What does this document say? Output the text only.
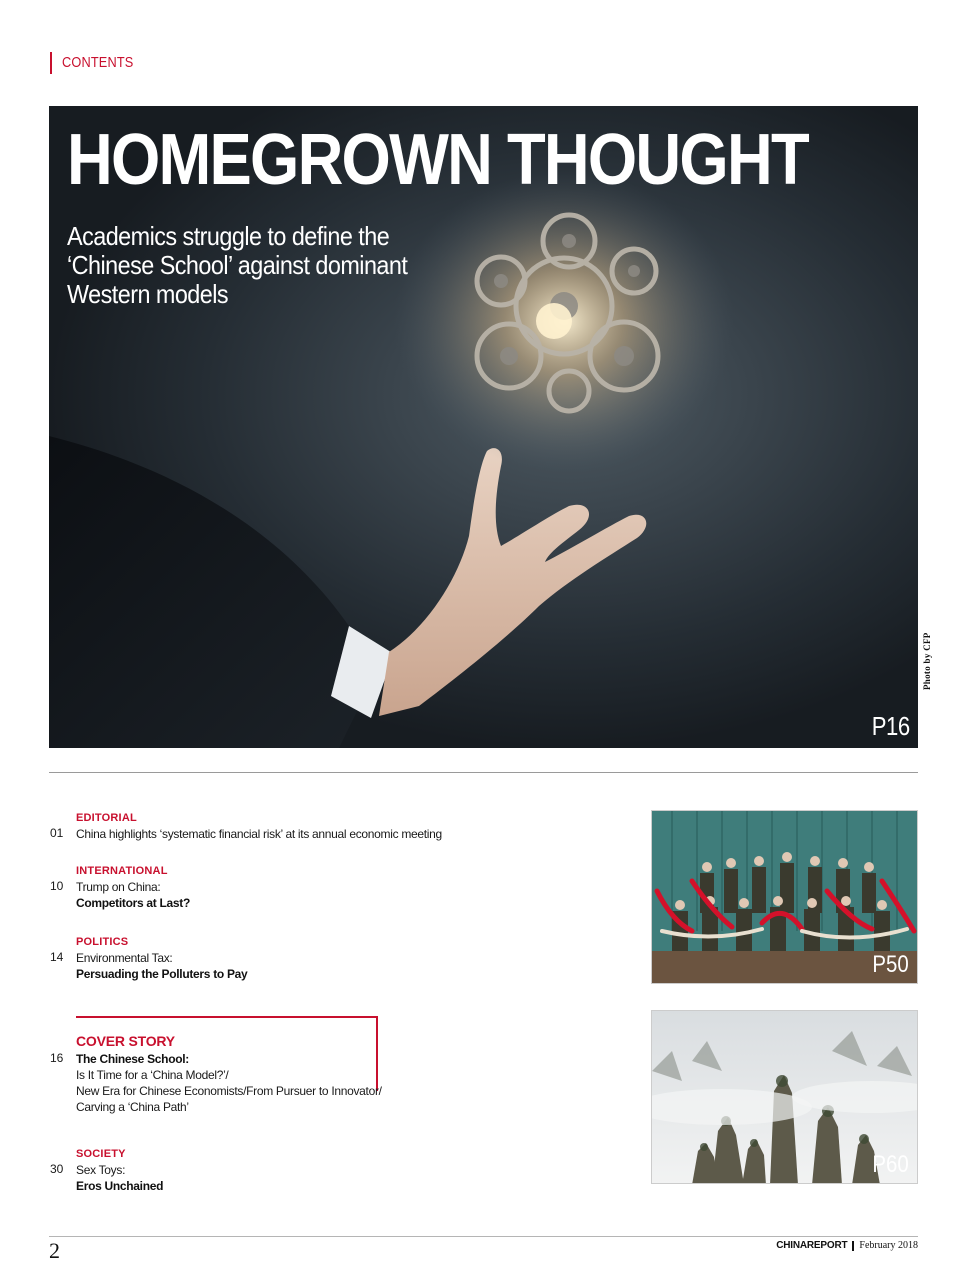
CONTENTS
HOMEGROWN THOUGHT
Academics struggle to define the ‘Chinese School’ against dominant Western models
P16
Photo by CFP
EDITORIAL
01	China highlights ‘systematic financial risk’ at its annual economic meeting
INTERNATIONAL
10	Trump on China:
Competitors at Last?
POLITICS
14	Environmental Tax:
Persuading the Polluters to Pay
COVER STORY
16	The Chinese School:
Is It Time for a ‘China Model?’/
New Era for Chinese Economists/From Pursuer to Innovator/
Carving a ‘China Path’
SOCIETY
30	Sex Toys:
Eros Unchained
P50
P60
2	CHINAREPORT February 2018
